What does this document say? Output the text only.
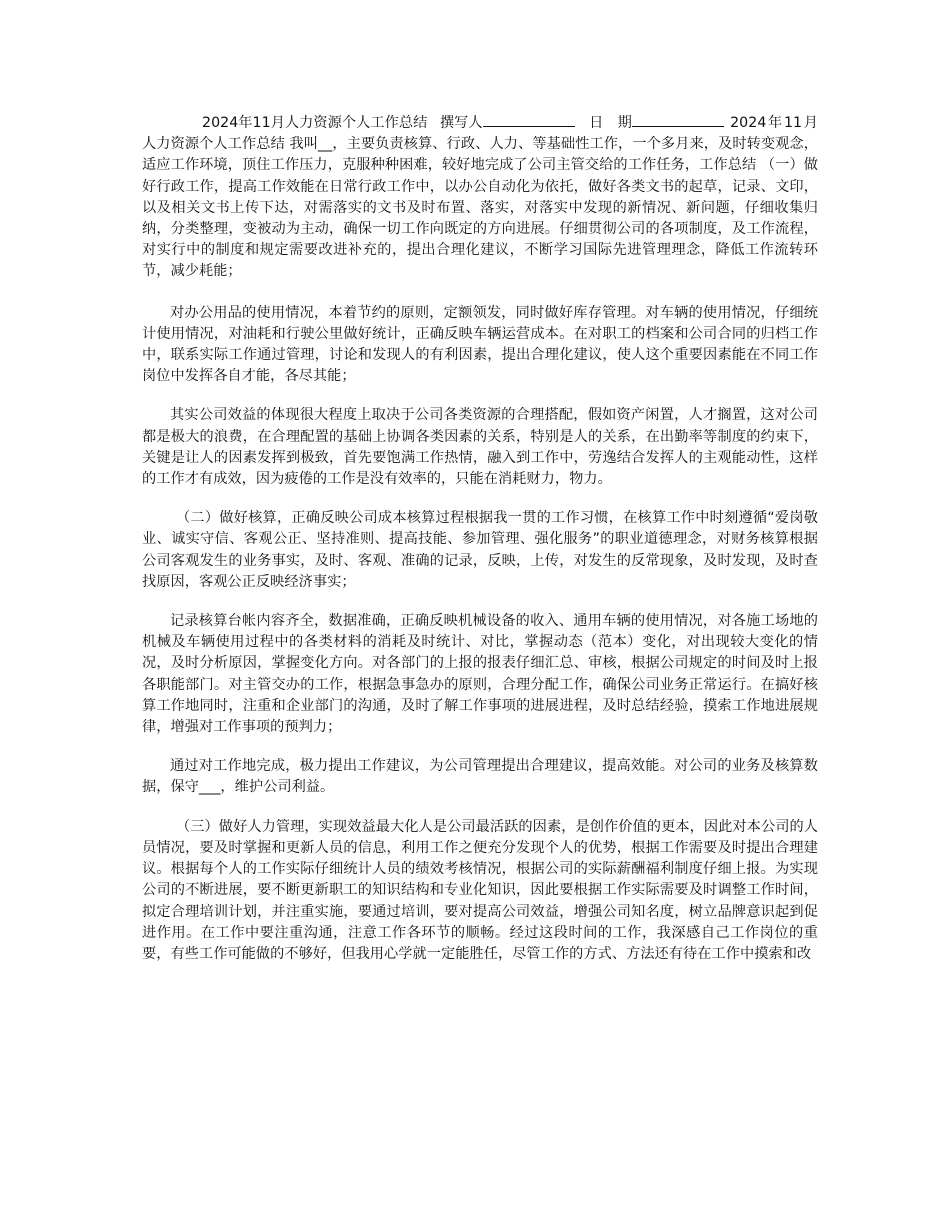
2024年11月人力资源个人工作总结 撰写人	日　期	2024年11月人力资源个人工作总结 我叫__，主要负责核算、行政、人力、等基础性工作，一个多月来，及时转变观念，适应工作环境，顶住工作压力，克服种种困难，较好地完成了公司主管交给的工作任务，工作总结 （一）做好行政工作，提高工作效能在日常行政工作中，以办公自动化为依托，做好各类文书的起草，记录、文印，以及相关文书上传下达，对需落实的文书及时布置、落实，对落实中发现的新情况、新问题，仔细收集归纳，分类整理，变被动为主动，确保一切工作向既定的方向进展。仔细贯彻公司的各项制度，及工作流程，对实行中的制度和规定需要改进补充的，提出合理化建议，不断学习国际先进管理理念，降低工作流转环节，减少耗能；

对办公用品的使用情况，本着节约的原则，定额领发，同时做好库存管理。对车辆的使用情况，仔细统计使用情况，对油耗和行驶公里做好统计，正确反映车辆运营成本。在对职工的档案和公司合同的归档工作中，联系实际工作通过管理，讨论和发现人的有利因素，提出合理化建议，使人这个重要因素能在不同工作岗位中发挥各自才能，各尽其能；

其实公司效益的体现很大程度上取决于公司各类资源的合理搭配，假如资产闲置，人才搁置，这对公司都是极大的浪费，在合理配置的基础上协调各类因素的关系，特别是人的关系，在出勤率等制度的约束下，关键是让人的因素发挥到极致，首先要饱满工作热情，融入到工作中，劳逸结合发挥人的主观能动性，这样的工作才有成效，因为疲倦的工作是没有效率的，只能在消耗财力，物力。

（二）做好核算，正确反映公司成本核算过程根据我一贯的工作习惯，在核算工作中时刻遵循“爱岗敬业、诚实守信、客观公正、坚持准则、提高技能、参加管理、强化服务”的职业道德理念，对财务核算根据公司客观发生的业务事实，及时、客观、准确的记录，反映，上传，对发生的反常现象，及时发现，及时查找原因，客观公正反映经济事实；

记录核算台帐内容齐全，数据准确，正确反映机械设备的收入、通用车辆的使用情况，对各施工场地的机械及车辆使用过程中的各类材料的消耗及时统计、对比，掌握动态（范本）变化，对出现较大变化的情况，及时分析原因，掌握变化方向。对各部门的上报的报表仔细汇总、审核，根据公司规定的时间及时上报各职能部门。对主管交办的工作，根据急事急办的原则，合理分配工作，确保公司业务正常运行。在搞好核算工作地同时，注重和企业部门的沟通，及时了解工作事项的进展进程，及时总结经验，摸索工作地进展规律，增强对工作事项的预判力；

通过对工作地完成，极力提出工作建议，为公司管理提出合理建议，提高效能。对公司的业务及核算数据，保守___，维护公司利益。

（三）做好人力管理，实现效益最大化人是公司最活跃的因素，是创作价值的更本，因此对本公司的人员情况，要及时掌握和更新人员的信息，利用工作之便充分发现个人的优势，根据工作需要及时提出合理建议。根据每个人的工作实际仔细统计人员的绩效考核情况，根据公司的实际薪酬福利制度仔细上报。为实现公司的不断进展，要不断更新职工的知识结构和专业化知识，因此要根据工作实际需要及时调整工作时间，拟定合理培训计划，并注重实施，要通过培训，要对提高公司效益，增强公司知名度，树立品牌意识起到促进作用。在工作中要注重沟通，注意工作各环节的顺畅。经过这段时间的工作，我深感自己工作岗位的重要，有些工作可能做的不够好，但我用心学就一定能胜任，尽管工作的方式、方法还有待在工作中摸索和改
